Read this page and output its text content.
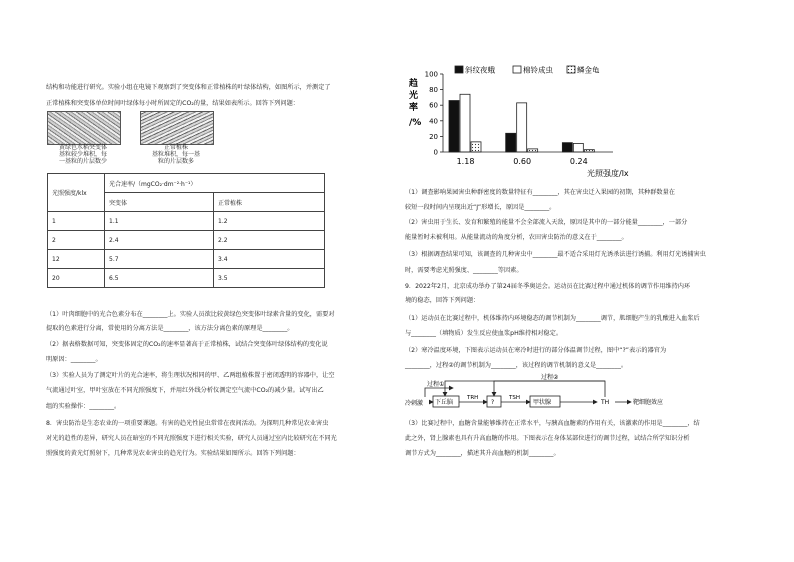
结构和功能进行研究。实验小组在电镜下观察到了突变体和正常植株的叶绿体结构，如图所示，并测定了
正常植株和突变体单位时间叶绿体每小时所固定的CO₂的量，结果如表所示。回答下列问题：
黄绿色水稻突变体
基粒较少堆积，每
一基粒的片层数少
正常植株
基粒堆积，每一基
粒的片层数多
光照强度/klx	光合速率/（mgCO₂·dm⁻²·h⁻¹）	
	突变体	正常植株
1	1.1	1.2
2	2.4	2.2
12	5.7	3.4
20	6.5	3.5
（1）叶肉细胞中的光合色素分布在________上。实验人员欲比较黄绿色突变体叶绿素含量的变化，需要对
提取的色素进行分离，常使用的分离方法是________，该方法分离色素的原理是________。
（2）据表格数据可知，突变体固定的CO₂的速率显著高于正常植株，试结合突变体叶绿体结构的变化说
明原因：________。
（3）实验人员为了测定叶片的光合速率，将生理状况相同的甲、乙两组植株置于密闭透明的容器中，让空
气流通过叶室，甲叶室放在不同光照强度下，并用红外线分析仪测定空气流中CO₂的减少量。试写出乙
组的实验操作：________。
8．害虫防治是生态农业的一项重要课题。有害的趋光性昆虫常常在夜间活动。为探明几种常见农业害虫
对光的趋性的差异，研究人员在暗室的不同光照强度下进行相关实验，研究人员通过室内比较研究在不同光
照强度的黄光灯照射下，几种常见农业害虫的趋光行为。实验结果如图所示。回答下列问题：
斜纹夜蛾	棉铃成虫	鳞金龟
趋
光
率
/%
0
20
40
60
80
100
1.18	0.60	0.24
光照强度/lx
（1）调查影响果园害虫种群密度的数量特征有________，其在害虫迁入果园的初期，其种群数量在
较短一段时间内呈现出近“J”形增长，原因是________。
（2）害虫用于生长、发育和繁殖的能量不会全部流入天敌，原因是其中的一部分能量________，一部分
能量暂时未被利用。从能量流动的角度分析，农田害虫防治的意义在于________。
（3）根据调查结果可知，该调查的几种害虫中________最不适合采用灯光诱杀法进行诱捕。利用灯光诱捕害虫
时，需要考虑光照强度、________等因素。
9．2022年2月，北京成功举办了第24届冬季奥运会。运动员在比赛过程中通过机体的调节作用维持内环
境的稳态，回答下列问题：
（1）运动员在比赛过程中，机体维持内环境稳态的调节机制为________调节，肌细胞产生的乳酸进入血浆后
与________（填物质）发生反应使血浆pH维持相对稳定。
（2）寒冷温度环境，下图表示运动员在寒冷时进行的部分体温调节过程，图中“?”表示的器官为
________，过程②的调节机制为________，该过程的调节机制的意义是________。
过程①
过程②
冷刺激 下丘脑
TRH
?
TSH
甲状腺	TH	靶细胞效应
（3）比赛过程中，血糖含量能够维持在正常水平，与胰高血糖素的作用有关，该激素的作用是________，结
此之外，肾上腺素也具有升高血糖的作用。下图表示在身体某部位进行的调节过程，试结合所学知识分析
调节方式为________，描述其升高血糖的机制________。
